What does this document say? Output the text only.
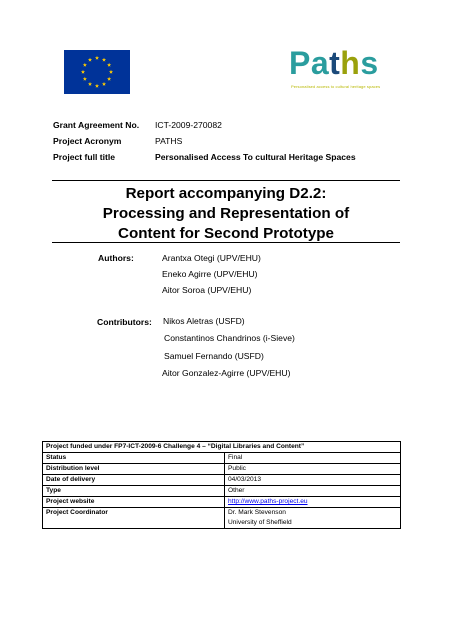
Paths
Personalised access to cultural heritage spaces
Grant Agreement No.	ICT-2009-270082
Project Acronym	PATHS
Project full title	Personalised Access To cultural Heritage Spaces
Report accompanying D2.2:
Processing and Representation of
Content for Second Prototype
Authors:	Arantxa Otegi (UPV/EHU)
Eneko Agirre (UPV/EHU)
Aitor Soroa (UPV/EHU)
Contributors: Nikos Aletras (USFD)
Constantinos Chandrinos (i-Sieve)
Samuel Fernando (USFD)
Aitor Gonzalez-Agirre (UPV/EHU)
Project funded under FP7-ICT-2009-6 Challenge 4 – “Digital Libraries and Content”	
Status	Final
Distribution level	Public
Date of delivery	04/03/2013
Type	Other
Project website	http://www.paths-project.eu
Project Coordinator	Dr. Mark Stevenson
University of Sheffield
